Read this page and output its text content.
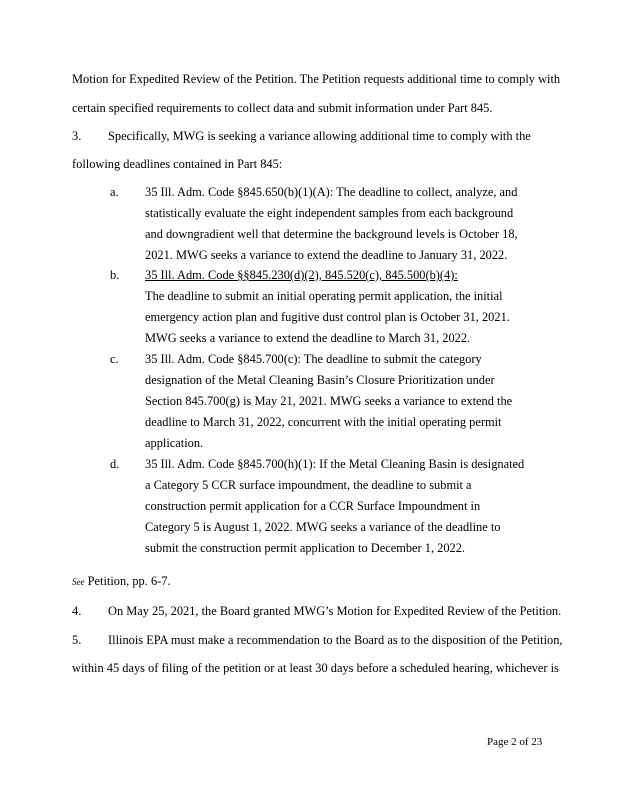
Motion for Expedited Review of the Petition. The Petition requests additional time to comply with
certain specified requirements to collect data and submit information under Part 845.
3. Specifically, MWG is seeking a variance allowing additional time to comply with the
following deadlines contained in Part 845:
a. 35 Ill. Adm. Code §845.650(b)(1)(A): The deadline to collect, analyze, and
statistically evaluate the eight independent samples from each background
and downgradient well that determine the background levels is October 18,
2021. MWG seeks a variance to extend the deadline to January 31, 2022.
b. 35 Ill. Adm. Code §§845.230(d)(2), 845.520(c), 845.500(b)(4):
The deadline to submit an initial operating permit application, the initial
emergency action plan and fugitive dust control plan is October 31, 2021.
MWG seeks a variance to extend the deadline to March 31, 2022.
c. 35 Ill. Adm. Code §845.700(c): The deadline to submit the category
designation of the Metal Cleaning Basin’s Closure Prioritization under
Section 845.700(g) is May 21, 2021. MWG seeks a variance to extend the
deadline to March 31, 2022, concurrent with the initial operating permit
application.
d. 35 Ill. Adm. Code §845.700(h)(1): If the Metal Cleaning Basin is designated
a Category 5 CCR surface impoundment, the deadline to submit a
construction permit application for a CCR Surface Impoundment in
Category 5 is August 1, 2022. MWG seeks a variance of the deadline to
submit the construction permit application to December 1, 2022.
See Petition, pp. 6-7.
4. On May 25, 2021, the Board granted MWG’s Motion for Expedited Review of the Petition.
5. Illinois EPA must make a recommendation to the Board as to the disposition of the Petition,
within 45 days of filing of the petition or at least 30 days before a scheduled hearing, whichever is
Page 2 of 23
